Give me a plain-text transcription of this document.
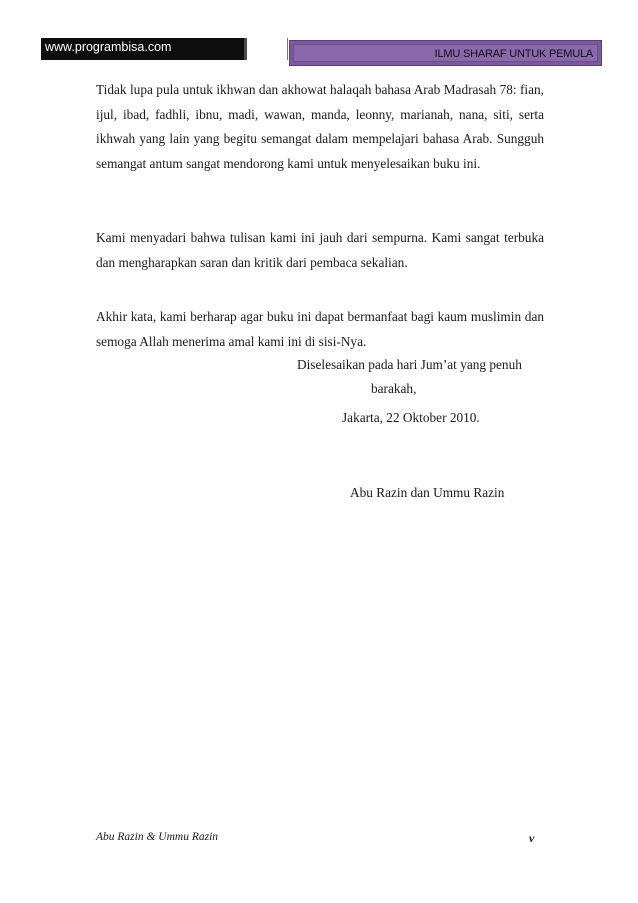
www.programbisa.com	ILMU SHARAF UNTUK PEMULA

Tidak lupa pula untuk ikhwan dan akhowat halaqah bahasa Arab Madrasah 78: fian, ijul, ibad, fadhli, ibnu, madi, wawan, manda, leonny, marianah, nana, siti, serta ikhwah yang lain yang begitu semangat dalam mempelajari bahasa Arab. Sungguh semangat antum sangat mendorong kami untuk menyelesaikan buku ini.

Kami menyadari bahwa tulisan kami ini jauh dari sempurna. Kami sangat terbuka dan mengharapkan saran dan kritik dari pembaca sekalian.

Akhir kata, kami berharap agar buku ini dapat bermanfaat bagi kaum muslimin dan semoga Allah menerima amal kami ini di sisi-Nya.

Diselesaikan pada hari Jum’at yang penuh
barakah,
Jakarta, 22 Oktober 2010.
Abu Razin dan Ummu Razin
Abu Razin & Ummu Razin	v
